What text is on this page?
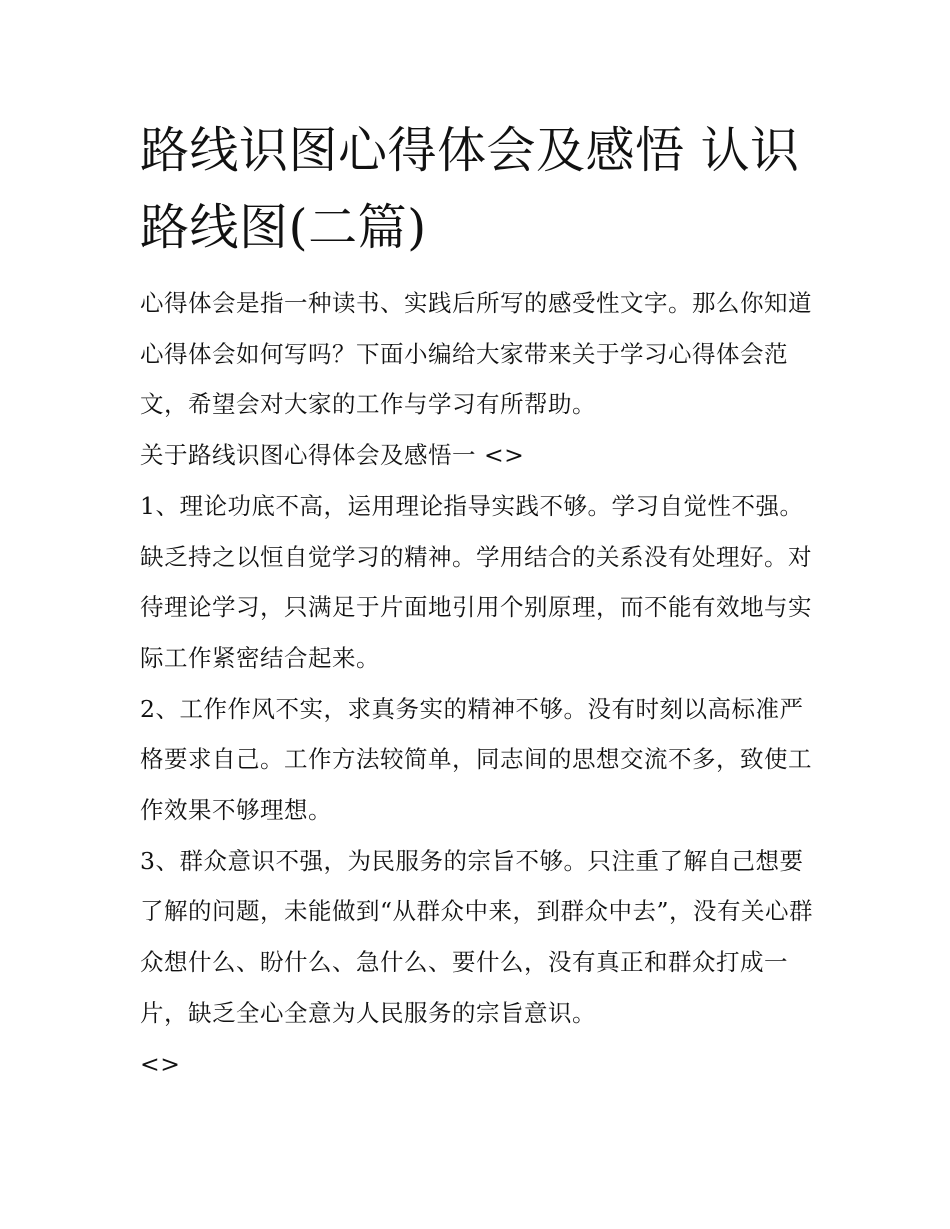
路线识图心得体会及感悟 认识路线图(二篇)

心得体会是指一种读书、实践后所写的感受性文字。那么你知道心得体会如何写吗？下面小编给大家带来关于学习心得体会范文，希望会对大家的工作与学习有所帮助。

关于路线识图心得体会及感悟一 <>

1、理论功底不高，运用理论指导实践不够。学习自觉性不强。缺乏持之以恒自觉学习的精神。学用结合的关系没有处理好。对待理论学习，只满足于片面地引用个别原理，而不能有效地与实际工作紧密结合起来。

2、工作作风不实，求真务实的精神不够。没有时刻以高标准严格要求自己。工作方法较简单，同志间的思想交流不多，致使工作效果不够理想。

3、群众意识不强，为民服务的宗旨不够。只注重了解自己想要了解的问题，未能做到“从群众中来，到群众中去”，没有关心群众想什么、盼什么、急什么、要什么，没有真正和群众打成一片，缺乏全心全意为人民服务的宗旨意识。

<>
